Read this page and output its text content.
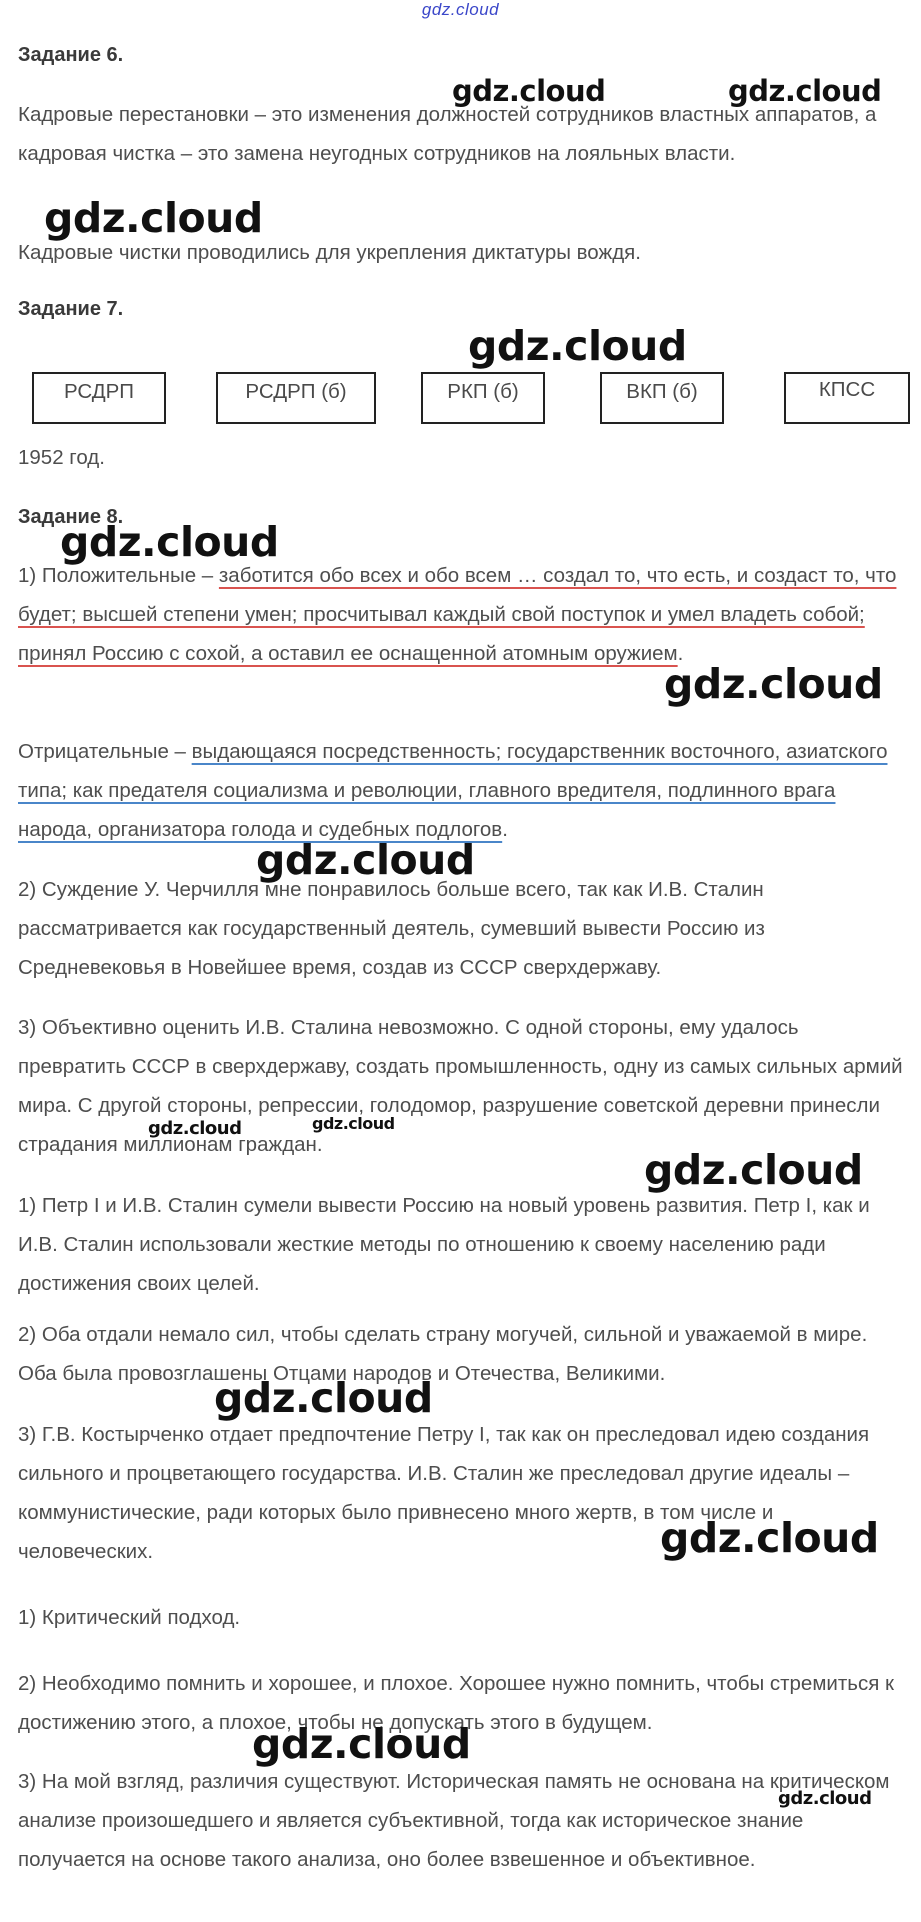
gdz.cloud
Задание 6.
Кадровые перестановки – это изменения должностей сотрудников властных аппаратов, а кадровая чистка – это замена неугодных сотрудников на лояльных власти.
Кадровые чистки проводились для укрепления диктатуры вождя.
Задание 7.
РСДРП	РСДРП (б)	РКП (б)	ВКП (б)	КПСС
1952 год.
Задание 8.
1) Положительные – заботится обо всех и обо всем … создал то, что есть, и создаст то, что будет; высшей степени умен; просчитывал каждый свой поступок и умел владеть собой; принял Россию с сохой, а оставил ее оснащенной атомным оружием.
Отрицательные – выдающаяся посредственность; государственник восточного, азиатского типа; как предателя социализма и революции, главного вредителя, подлинного врага народа, организатора голода и судебных подлогов.
2) Суждение У. Черчилля мне понравилось больше всего, так как И.В. Сталин рассматривается как государственный деятель, сумевший вывести Россию из Средневековья в Новейшее время, создав из СССР сверхдержаву.
3) Объективно оценить И.В. Сталина невозможно. С одной стороны, ему удалось превратить СССР в сверхдержаву, создать промышленность, одну из самых сильных армий мира. С другой стороны, репрессии, голодомор, разрушение советской деревни принесли страдания миллионам граждан.
1) Петр I и И.В. Сталин сумели вывести Россию на новый уровень развития. Петр I, как и И.В. Сталин использовали жесткие методы по отношению к своему населению ради достижения своих целей.
2) Оба отдали немало сил, чтобы сделать страну могучей, сильной и уважаемой в мире. Оба была провозглашены Отцами народов и Отечества, Великими.
3) Г.В. Костырченко отдает предпочтение Петру I, так как он преследовал идею создания сильного и процветающего государства. И.В. Сталин же преследовал другие идеалы – коммунистические, ради которых было привнесено много жертв, в том числе и человеческих.
1) Критический подход.
2) Необходимо помнить и хорошее, и плохое. Хорошее нужно помнить, чтобы стремиться к достижению этого, а плохое, чтобы не допускать этого в будущем.
3) На мой взгляд, различия существуют. Историческая память не основана на критическом анализе произошедшего и является субъективной, тогда как историческое знание получается на основе такого анализа, оно более взвешенное и объективное.
gdz.cloud	gdz.cloud
gdz.cloud
gdz.cloud
gdz.cloud
gdz.cloud
gdz.cloud
gdz.cloud	gdz.cloud
gdz.cloud
gdz.cloud
gdz.cloud
gdz.cloud
gdz.cloud
